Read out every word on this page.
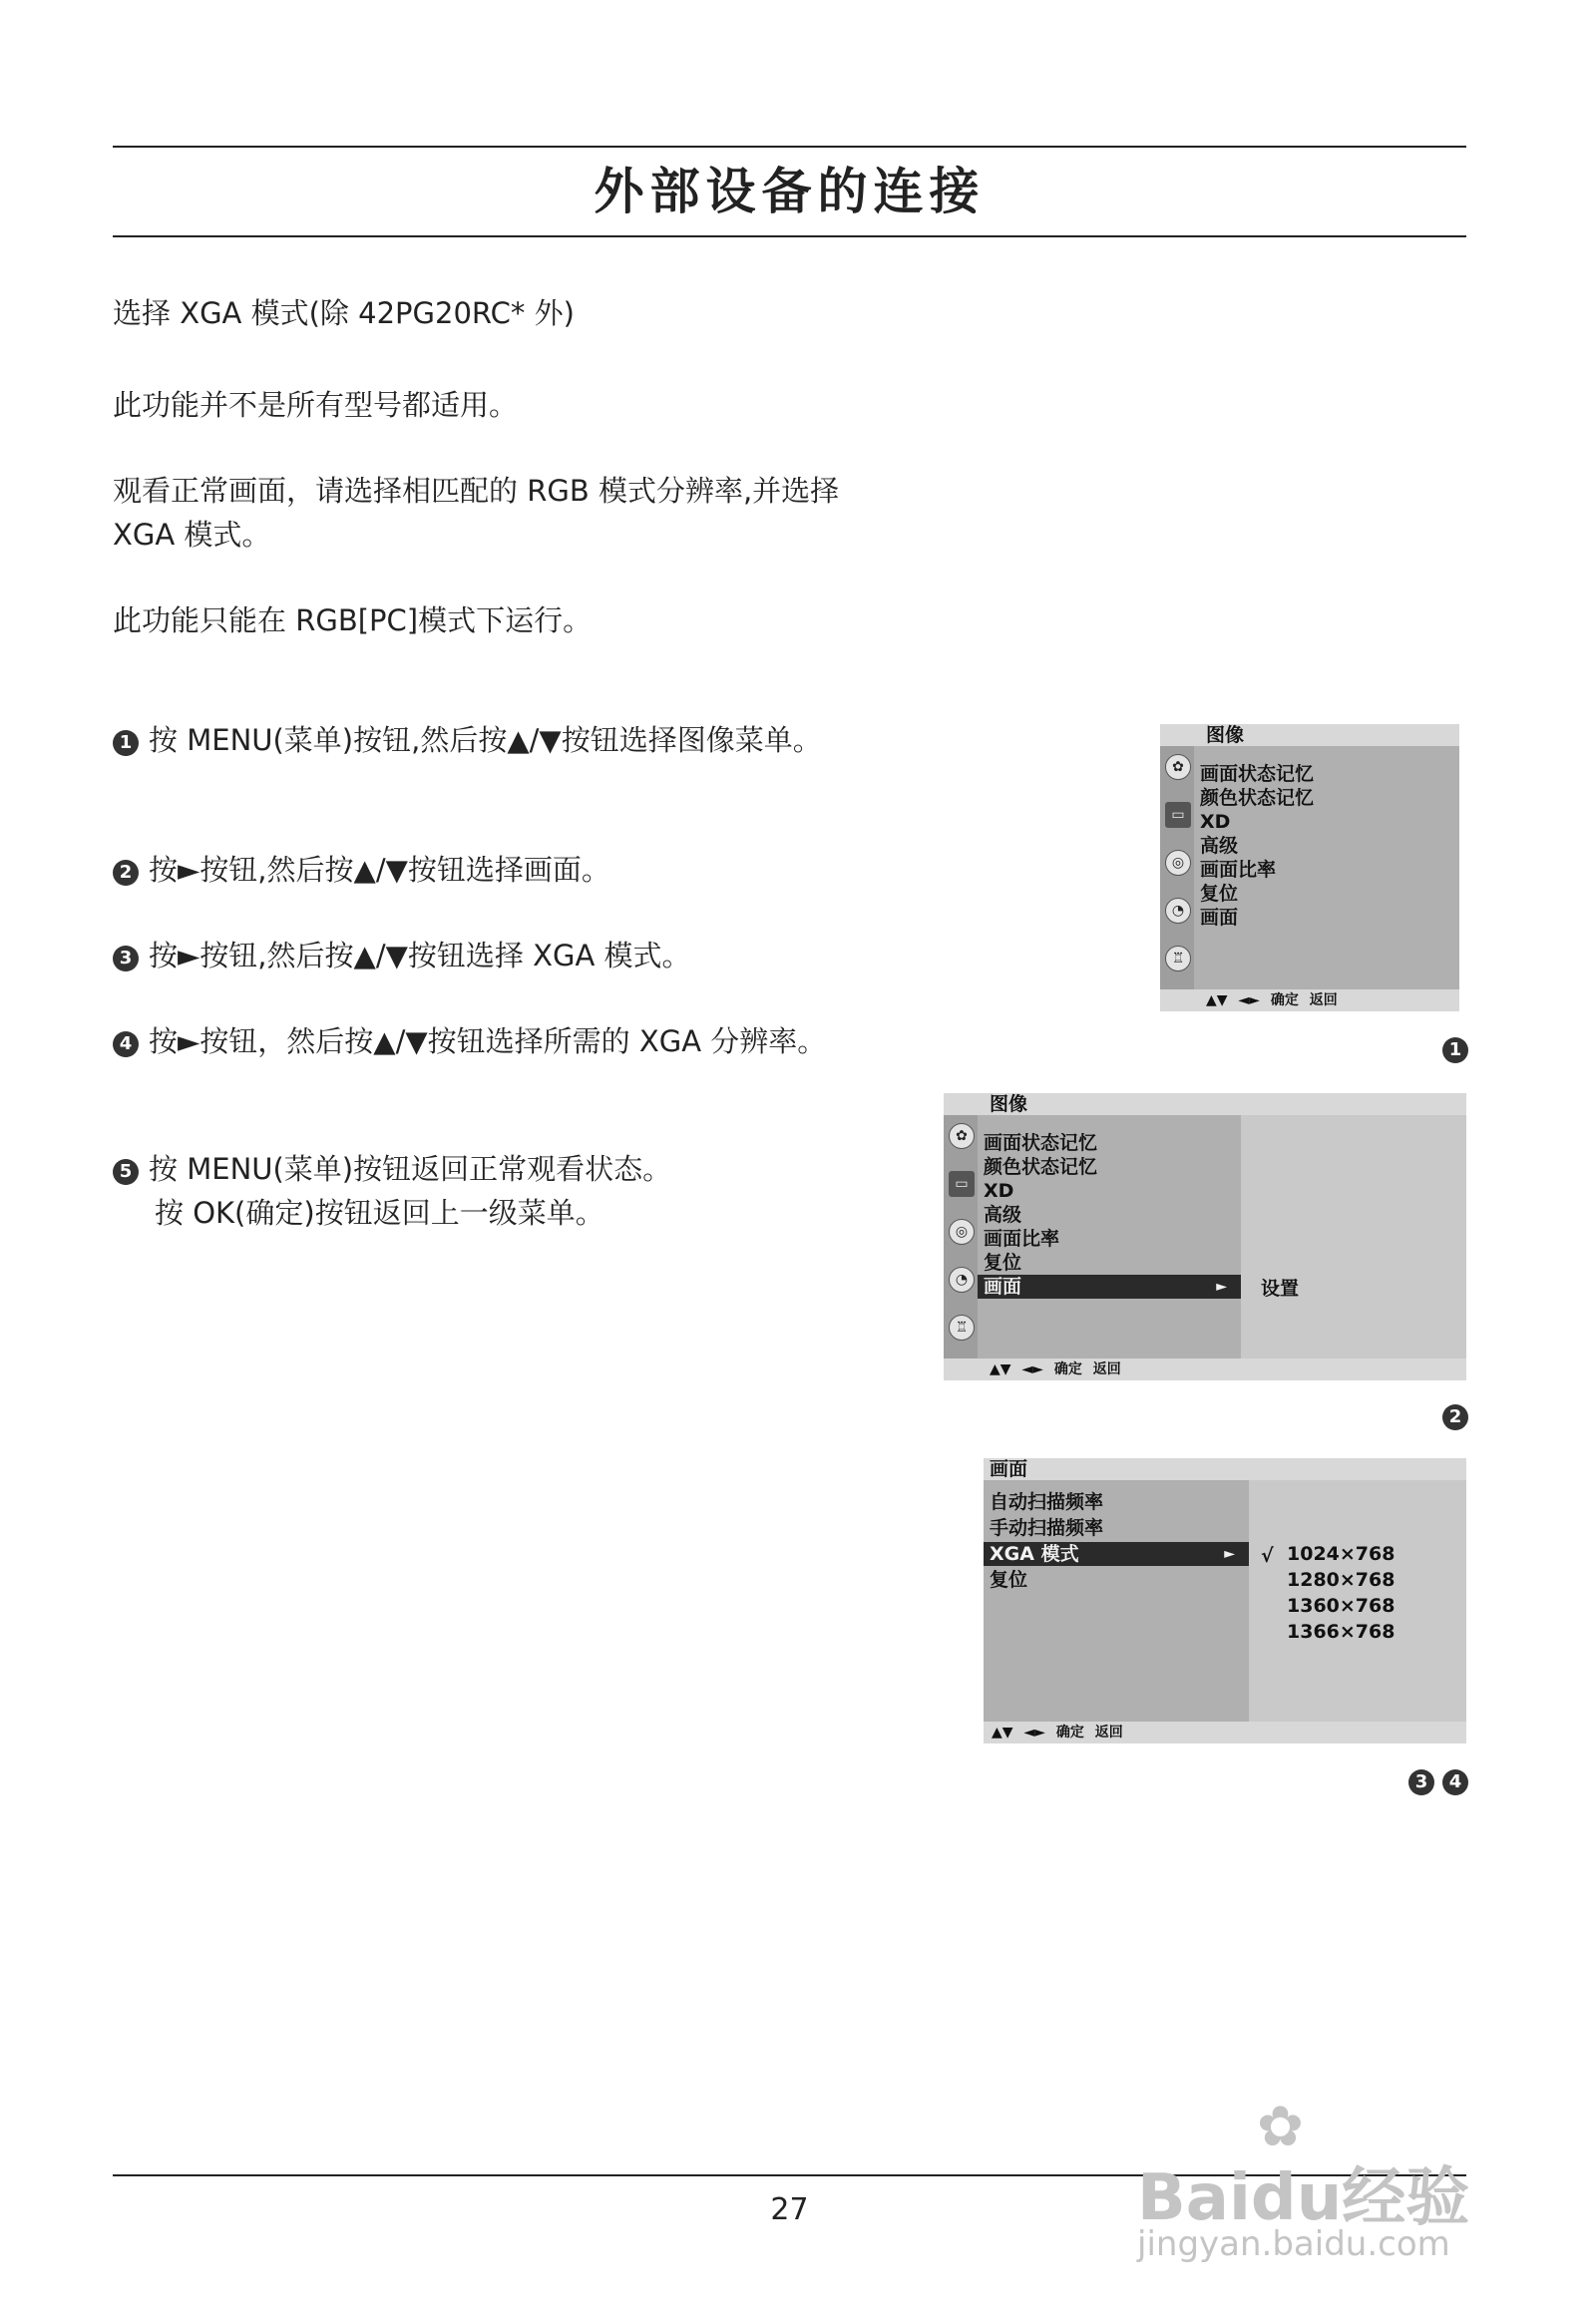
外部设备的连接
选择 XGA 模式(除 42PG20RC* 外)
此功能并不是所有型号都适用。
观看正常画面，请选择相匹配的 RGB 模式分辨率,并选择 XGA 模式。
此功能只能在 RGB[PC]模式下运行。
1 按 MENU(菜单)按钮,然后按▲/▼按钮选择图像菜单。
2 按►按钮,然后按▲/▼按钮选择画面。
3 按►按钮,然后按▲/▼按钮选择 XGA 模式。
4 按►按钮，然后按▲/▼按钮选择所需的 XGA 分辨率。
5 按 MENU(菜单)按钮返回正常观看状态。
按 OK(确定)按钮返回上一级菜单。
图像
✿
▭
◎
◔
♖
画面状态记忆
颜色状态记忆
XD
高级
画面比率
复位
画面
▲▼ ◄► 确定 返回
1
图像
✿
▭
◎
◔
♖
画面状态记忆
颜色状态记忆
XD
高级
画面比率
复位
画面	► 设置
▲▼ ◄► 确定 返回
2
画面
自动扫描频率
手动扫描频率
XGA 模式	►
复位
√ 1024×768
1280×768
1360×768
1366×768
▲▼ ◄► 确定 返回
3	4
27
✿
Baidu经验
jingyan.baidu.com
